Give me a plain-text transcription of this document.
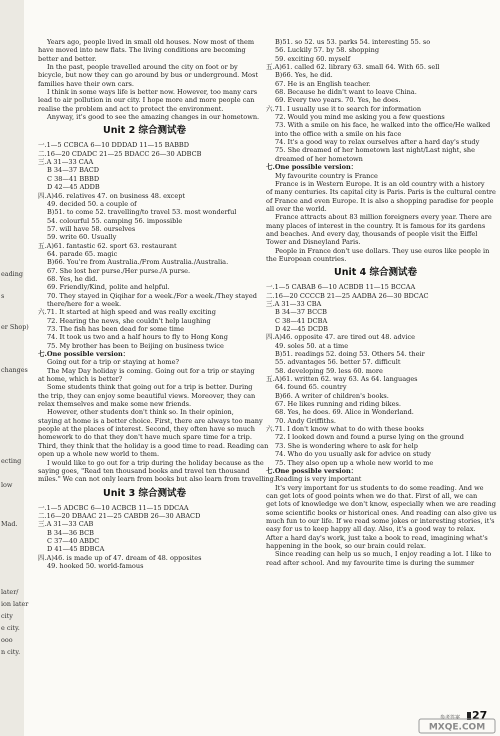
eading
s
er Shop)
changes
ecting
low
Mad.
later/
ion later
city
e city.
ooo
n city.
Years ago, people lived in small old houses. Now most of them
have moved into new flats. The living conditions are becoming
better and better.
In the past, people travelled around the city on foot or by
bicycle, but now they can go around by bus or underground. Most
families have their own cars.
I think in some ways life is better now. However, too many cars
lead to air pollution in our city. I hope more and more people can
realise the problem and act to protect the environment.
Anyway, it's good to see the amazing changes in our hometown.
Unit 2 综合测试卷
一.1—5 CCBCA 6—10 DDDAD 11—15 BABBD
二.16—20 CDADC 21—25 BDACC 26—30 ADBCB
三.A 31—33 CAA
B 34—37 BACD
C 38—41 BBBD
D 42—45 ADDB
四.A)46. relatives 47. on business 48. except
49. decided 50. a couple of
B)51. to come 52. travelling/to travel 53. most wonderful
54. colourful 55. camping 56. impossible
57. will have 58. ourselves
59. write 60. Usually
五.A)61. fantastic 62. sport 63. restaurant
64. parade 65. magic
B)66. You're from Australia./From Australia./Australia.
67. She lost her purse./Her purse./A purse.
68. Yes, he did.
69. Friendly/Kind, polite and helpful.
70. They stayed in Qiqihar for a week./For a week./They stayed
there/here for a week.
六.71. It started at high speed and was really exciting
72. Hearing the news, she couldn't help laughing
73. The fish has been dead for some time
74. It took us two and a half hours to fly to Hong Kong
75. My brother has been to Beijing on business twice
七.One possible version：
Going out for a trip or staying at home?
The May Day holiday is coming. Going out for a trip or staying
at home, which is better?
Some students think that going out for a trip is better. During
the trip, they can enjoy some beautiful views. Moreover, they can
relax themselves and make some new friends.
However, other students don't think so. In their opinion,
staying at home is a better choice. First, there are always too many
people at the places of interest. Second, they often have so much
homework to do that they don't have much spare time for a trip.
Third, they think that the holiday is a good time to read. Reading can
open up a whole new world to them.
I would like to go out for a trip during the holiday because as the
saying goes, "Read ten thousand books and travel ten thousand
miles." We can not only learn from books but also learn from travelling.
Unit 3 综合测试卷
一.1—5 ADCBC 6—10 ACBCB 11—15 DDCAA
二.16—20 DBAAC 21—25 CABDB 26—30 ABACD
三.A 31—33 CAB
B 34—36 BCB
C 37—40 ABDC
D 41—45 BDBCA
四.A)46. is made up of 47. dream of 48. opposites
49. hooked 50. world-famous
B)51. so 52. us 53. parks 54. interesting 55. so
56. Luckily 57. by 58. shopping
59. exciting 60. myself
五.A)61. called 62. library 63. small 64. With 65. sell
B)66. Yes, he did.
67. He is an English teacher.
68. Because he didn't want to leave China.
69. Every two years. 70. Yes, he does.
六.71. I usually use it to search for information
72. Would you mind me asking you a few questions
73. With a smile on his face, he walked into the office/He walked
into the office with a smile on his face
74. It's a good way to relax ourselves after a hard day's study
75. She dreamed of her hometown last night/Last night, she
dreamed of her hometown
七.One possible version：
My favourite country is France
France is in Western Europe. It is an old country with a history
of many centuries. Its capital city is Paris. Paris is the cultural centre
of France and even Europe. It is also a shopping paradise for people
all over the world.
France attracts about 83 million foreigners every year. There are
many places of interest in the country. It is famous for its gardens
and beaches. And every day, thousands of people visit the Eiffel
Tower and Disneyland Paris.
People in France don't use dollars. They use euros like people in
the European countries.
Unit 4 综合测试卷
一.1—5 CABAB 6—10 ACBDB 11—15 BCCAA
二.16—20 CCCCB 21—25 AADBA 26—30 BDCAC
三.A 31—33 CBA
B 34—37 BCCB
C 38—41 DCBA
D 42—45 DCDB
四.A)46. opposite 47. are tired out 48. advice
49. soles 50. at a time
B)51. readings 52. doing 53. Others 54. their
55. advantages 56. better 57. difficult
58. developing 59. less 60. more
五.A)61. written 62. way 63. As 64. languages
64. found 65. country
B)66. A writer of children's books.
67. He likes running and riding bikes.
68. Yes, he does. 69. Alice in Wonderland.
70. Andy Griffiths.
六.71. I don't know what to do with these books
72. I looked down and found a purse lying on the ground
73. She is wondering where to ask for help
74. Who do you usually ask for advice on study
75. They also open up a whole new world to me
七.One possible version：
Reading is very important
It's very important for us students to do some reading. And we
can get lots of good points when we do that. First of all, we can
get lots of knowledge we don't know, especially when we are reading
some scientific books or historical ones. And reading can also give us
much fun to our life. If we read some jokes or interesting stories, it's
easy for us to keep happy all day. Also, it's a good way to relax.
After a hard day's work, just take a book to read, imagining what's
happening in the book, so our brain could relax.
Since reading can help us so much, I enjoy reading a lot. I like to
read after school. And my favourite time is during the summer
参考答案	27
MXQE.COM
